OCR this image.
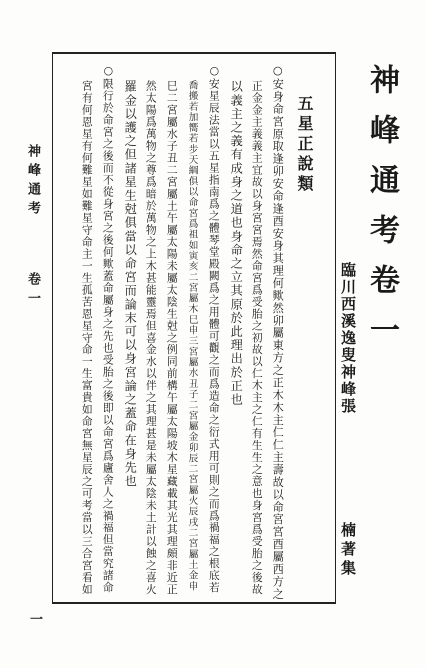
神峰通考
卷一
一
神峰通考卷一
臨川西溪逸叟神峰張
楠著集
五星正說類
○安身命宮原取逢卯安命逢酉安身其理何歟然卯屬東方之正木木主仁仁主壽故以命宮宮酉屬西方之
正金金主義義主宜故以身宮宮焉然命宮爲受胎之初故以仁木主之仁有生生之意也身宮爲受胎之後故
以義主之義有成身之道也身命之立其原於此理出於正也
○安星辰法當以五星指南爲之體琴堂殿闕爲之用體可觀之而爲造命之衍式用可則之而爲禍福之根底若
喬搬若加嚮若步天綱俱以命宮爲祖如寅亥二宮屬木巳申三宮屬水丑子二宮屬金卯辰二宮屬火辰戌二宮屬土金申
巳二宮屬水子丑二宮屬土午屬太陽未屬太陰生尅之例同前構午屬太陽坡木星藏載其光其理頗非近正
然太陽爲萬物之尊爲暗於萬物之上木甚能靈焉但喜金水以伴之其理甚是未屬太陰未土計以蝕之喜火
羅金以護之但諸星生尅俱當以命宮而論末可以身宮論之蓋命在身先也
○限行於命宮之後而不從身宮之後何歟蓋命屬身之先也受胎之後即以命宮爲廬舍人之禍福但當究諸命
宮有何恩星有何難星如難星守命主一生孤苦恩星守命一生富貴如命宮無星辰之可考當以三合宮看如
